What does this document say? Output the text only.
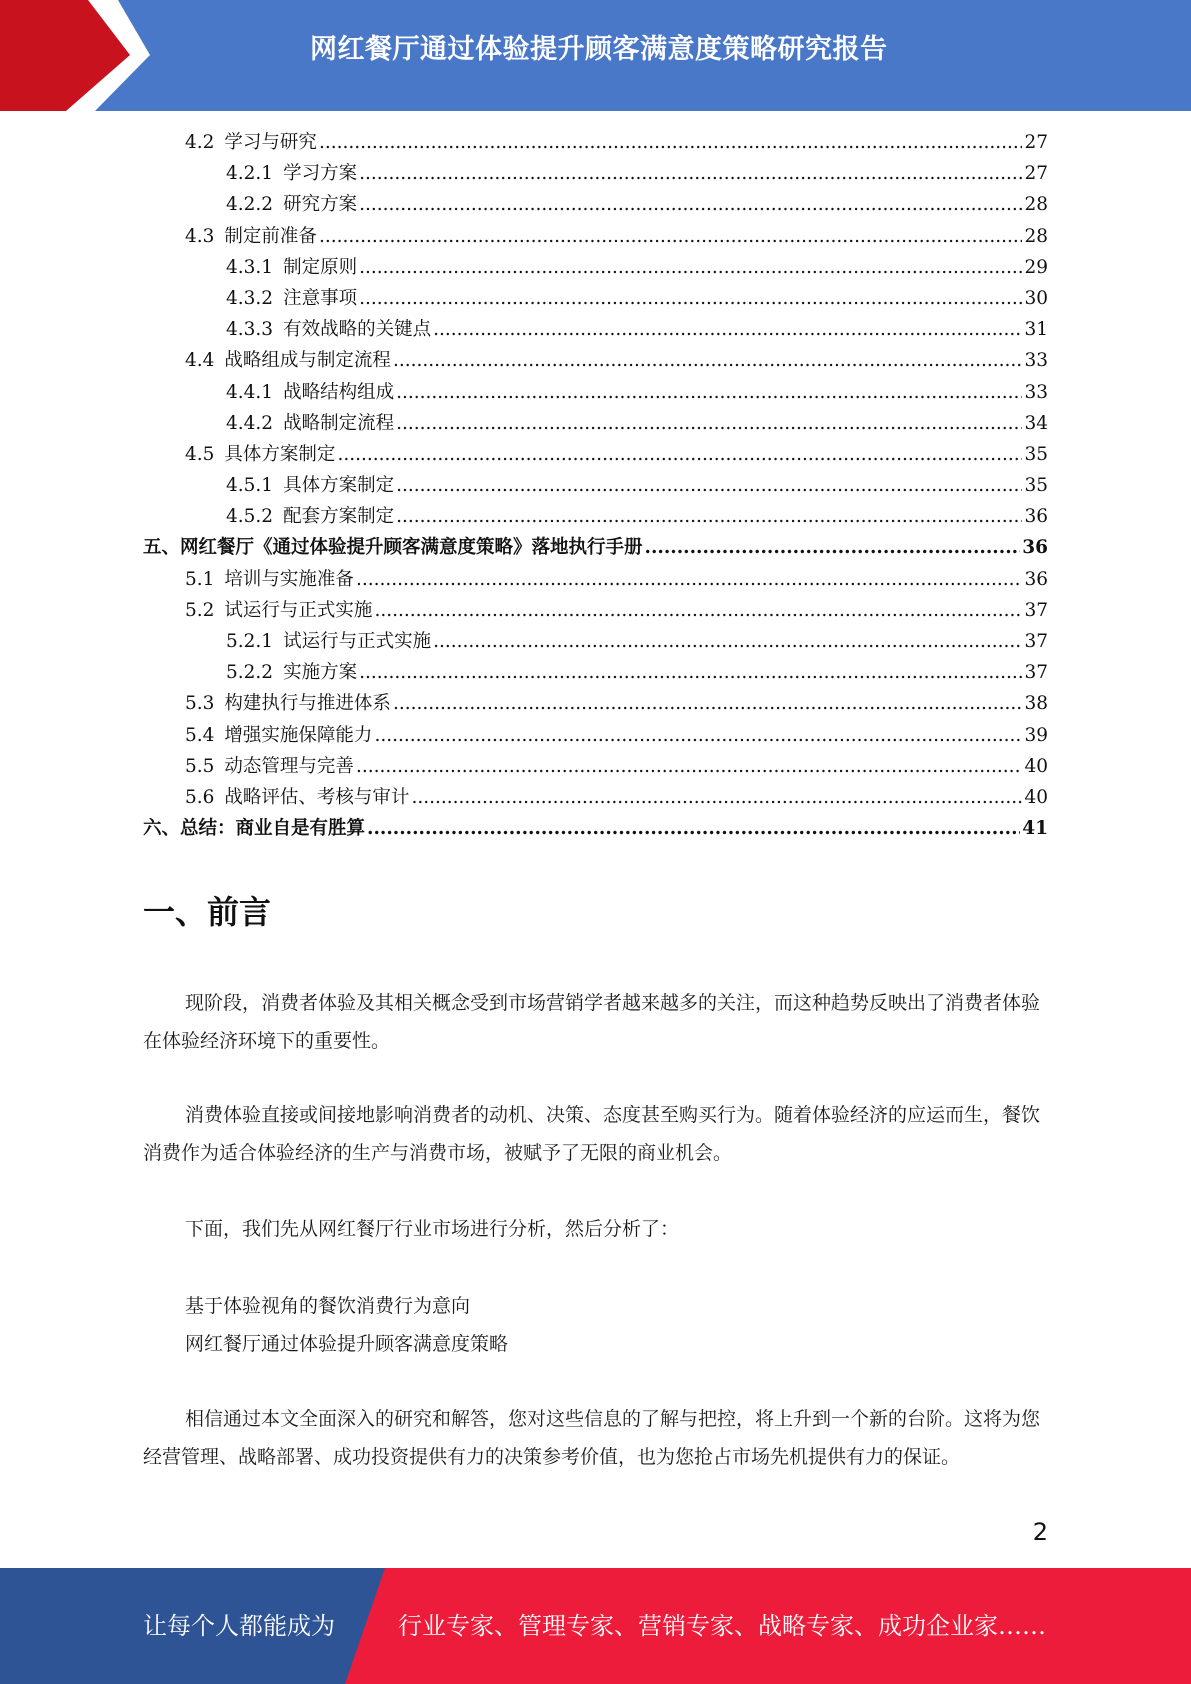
网红餐厅通过体验提升顾客满意度策略研究报告
4.2 学习与研究 .....	27
4.2.1 学习方案 .....	27
4.2.2 研究方案 .....	28
4.3 制定前准备 .....	28
4.3.1 制定原则 .....	29
4.3.2 注意事项 .....	30
4.3.3 有效战略的关键点 .....	31
4.4 战略组成与制定流程 .....	33
4.4.1 战略结构组成 .....	33
4.4.2 战略制定流程 .....	34
4.5 具体方案制定 .....	35
4.5.1 具体方案制定 .....	35
4.5.2 配套方案制定 .....	36
五、网红餐厅《通过体验提升顾客满意度策略》落地执行手册 .....	36
5.1 培训与实施准备 .....	36
5.2 试运行与正式实施 .....	37
5.2.1 试运行与正式实施 .....	37
5.2.2 实施方案 .....	37
5.3 构建执行与推进体系 .....	38
5.4 增强实施保障能力 .....	39
5.5 动态管理与完善 .....	40
5.6 战略评估、考核与审计 .....	40
六、总结：商业自是有胜算 .....	41
一、前言
现阶段，消费者体验及其相关概念受到市场营销学者越来越多的关注，而这种趋势反映出了消费者体验在体验经济环境下的重要性。
消费体验直接或间接地影响消费者的动机、决策、态度甚至购买行为。随着体验经济的应运而生，餐饮消费作为适合体验经济的生产与消费市场，被赋予了无限的商业机会。
下面，我们先从网红餐厅行业市场进行分析，然后分析了：
基于体验视角的餐饮消费行为意向
网红餐厅通过体验提升顾客满意度策略
相信通过本文全面深入的研究和解答，您对这些信息的了解与把控，将上升到一个新的台阶。这将为您经营管理、战略部署、成功投资提供有力的决策参考价值，也为您抢占市场先机提供有力的保证。
2
让每个人都能成为	行业专家、管理专家、营销专家、战略专家、成功企业家……
